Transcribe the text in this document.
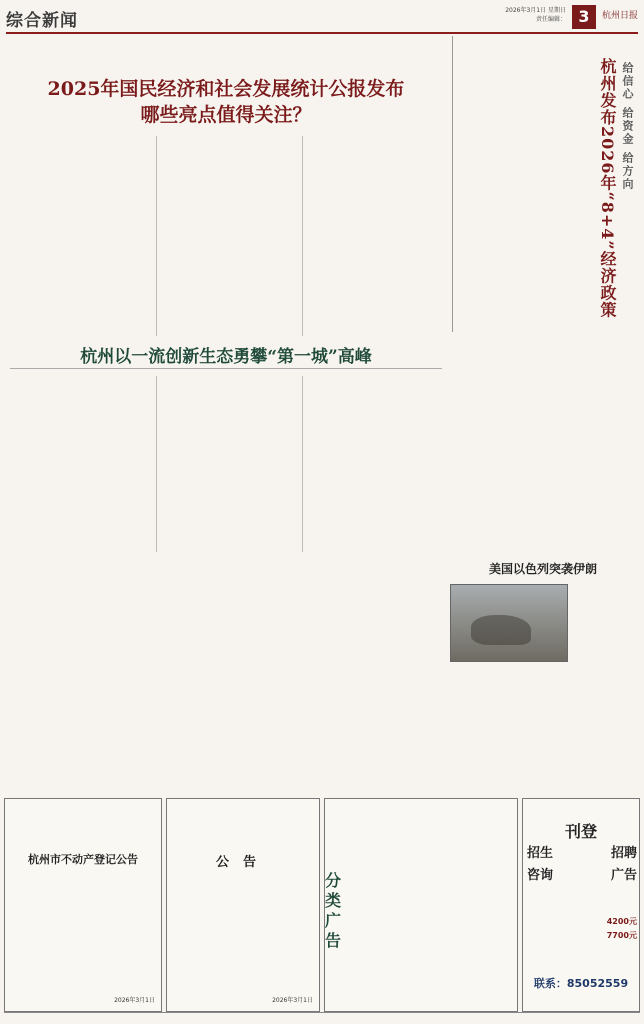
综合新闻
2026年3月1日 星期日
责任编辑： 3	杭州日报
2025年国民经济和社会发展统计公报发布
哪些亮点值得关注？	给信心 给资金 给方向
杭州发布2026年“8+4”经济政策
杭州以一流创新生态勇攀“第一城”高峰
美国以色列突袭伊朗
杭州市不动产登记公告
2026年3月1日
公告
2026年3月1日
分
类
广
告
刊登
招生	招聘
咨询	广告
4200元
7700元
联系：85052559
